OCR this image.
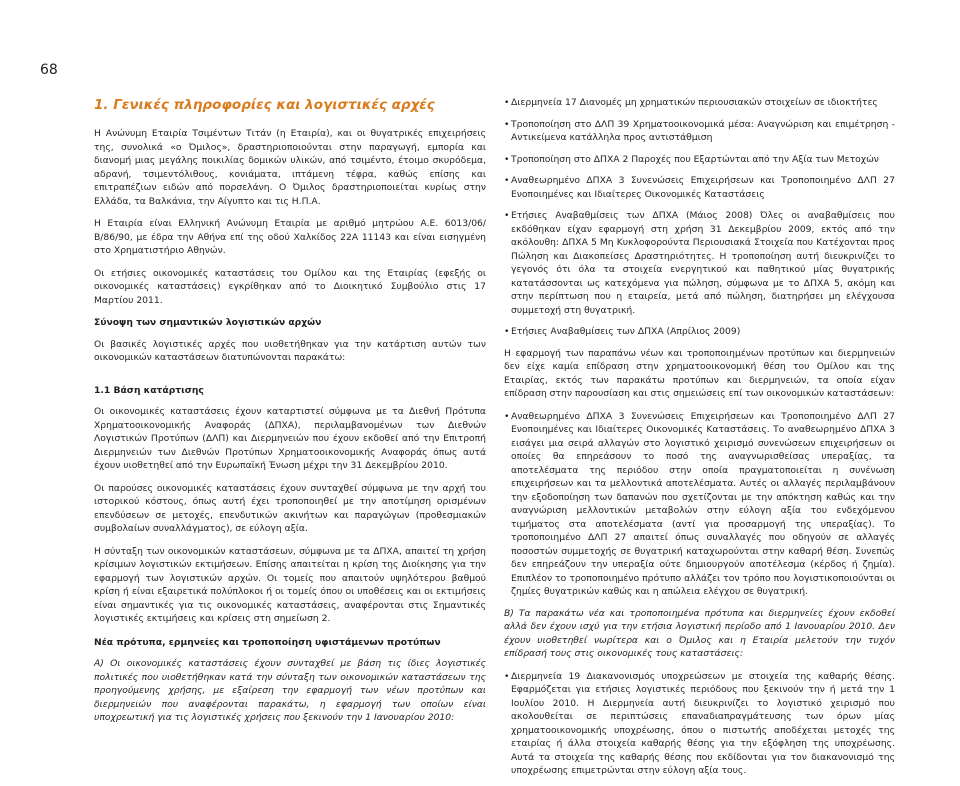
68
1. Γενικές πληροφορίες και λογιστικές αρχές

Η Ανώνυμη Εταιρία Τσιμέντων Τιτάν (η Εταιρία), και οι θυγατρικές επιχειρήσεις της, συνολικά «ο Όμιλος», δραστηριοποιούνται στην παραγωγή, εμπορία και διανομή μιας μεγάλης ποικιλίας δομικών υλικών, από τσιμέντο, έτοιμο σκυρόδεμα, αδρανή, τσιμεντόλιθους, κονιάματα, ιπτάμενη τέφρα, καθώς επίσης και επιτραπέζιων ειδών από πορσελάνη. Ο Όμιλος δραστηριοποιείται κυρίως στην Ελλάδα, τα Βαλκάνια, την Αίγυπτο και τις Η.Π.Α.

Η Εταιρία είναι Ελληνική Ανώνυμη Εταιρία με αριθμό μητρώου Α.Ε. 6013/06/Β/86/90, με έδρα την Αθήνα επί της οδού Χαλκίδος 22Α 11143 και είναι εισηγμένη στο Χρηματιστήριο Αθηνών.

Οι ετήσιες οικονομικές καταστάσεις του Ομίλου και της Εταιρίας (εφεξής οι οικονομικές καταστάσεις) εγκρίθηκαν από το Διοικητικό Συμβούλιο στις 17 Μαρτίου 2011.

Σύνοψη των σημαντικών λογιστικών αρχών

Οι βασικές λογιστικές αρχές που υιοθετήθηκαν για την κατάρτιση αυτών των οικονομικών καταστάσεων διατυπώνονται παρακάτω:

1.1 Βάση κατάρτισης

Οι οικονομικές καταστάσεις έχουν καταρτιστεί σύμφωνα με τα Διεθνή Πρότυπα Χρηματοοικονομικής Αναφοράς (ΔΠΧΑ), περιλαμβανομένων των Διεθνών Λογιστικών Προτύπων (ΔΛΠ) και Διερμηνειών που έχουν εκδοθεί από την Επιτροπή Διερμηνειών των Διεθνών Προτύπων Χρηματοοικονομικής Αναφοράς όπως αυτά έχουν υιοθετηθεί από την Ευρωπαϊκή Ένωση μέχρι την 31 Δεκεμβρίου 2010.

Οι παρούσες οικονομικές καταστάσεις έχουν συνταχθεί σύμφωνα με την αρχή του ιστορικού κόστους, όπως αυτή έχει τροποποιηθεί με την αποτίμηση ορισμένων επενδύσεων σε μετοχές, επενδυτικών ακινήτων και παραγώγων (προθεσμιακών συμβολαίων συναλλάγματος), σε εύλογη αξία.

Η σύνταξη των οικονομικών καταστάσεων, σύμφωνα με τα ΔΠΧΑ, απαιτεί τη χρήση κρίσιμων λογιστικών εκτιμήσεων. Επίσης απαιτείται η κρίση της Διοίκησης για την εφαρμογή των λογιστικών αρχών. Οι τομείς που απαιτούν υψηλότερου βαθμού κρίση ή είναι εξαιρετικά πολύπλοκοι ή οι τομείς όπου οι υποθέσεις και οι εκτιμήσεις είναι σημαντικές για τις οικονομικές καταστάσεις, αναφέρονται στις Σημαντικές λογιστικές εκτιμήσεις και κρίσεις στη σημείωση 2.

Νέα πρότυπα, ερμηνείες και τροποποίηση υφιστάμενων προτύπων

A) Οι οικονομικές καταστάσεις έχουν συνταχθεί με βάση τις ίδιες λογιστικές πολιτικές που υιοθετήθηκαν κατά την σύνταξη των οικονομικών καταστάσεων της προηγούμενης χρήσης, με εξαίρεση την εφαρμογή των νέων προτύπων και διερμηνειών που αναφέρονται παρακάτω, η εφαρμογή των οποίων είναι υποχρεωτική για τις λογιστικές χρήσεις που ξεκινούν την 1 Ιανουαρίου 2010:

• Διερμηνεία 17 Διανομές μη χρηματικών περιουσιακών στοιχείων σε ιδιοκτήτες
• Τροποποίηση στο ΔΛΠ 39 Χρηματοοικονομικά μέσα: Αναγνώριση και επιμέτρηση - Αντικείμενα κατάλληλα προς αντιστάθμιση
• Τροποποίηση στο ΔΠΧΑ 2 Παροχές που Εξαρτώνται από την Αξία των Μετοχών
• Αναθεωρημένο ΔΠΧΑ 3 Συνενώσεις Επιχειρήσεων και Τροποποιημένο ΔΛΠ 27 Ενοποιημένες και Ιδιαίτερες Οικονομικές Καταστάσεις
• Ετήσιες Αναβαθμίσεις των ΔΠΧΑ (Μάιος 2008) Όλες οι αναβαθμίσεις που εκδόθηκαν είχαν εφαρμογή στη χρήση 31 Δεκεμβρίου 2009, εκτός από την ακόλουθη: ΔΠΧΑ 5 Μη Κυκλοφορούντα Περιουσιακά Στοιχεία που Κατέχονται προς Πώληση και Διακοπείσες Δραστηριότητες. Η τροποποίηση αυτή διευκρινίζει το γεγονός ότι όλα τα στοιχεία ενεργητικού και παθητικού μίας θυγατρικής κατατάσσονται ως κατεχόμενα για πώληση, σύμφωνα με το ΔΠΧΑ 5, ακόμη και στην περίπτωση που η εταιρεία, μετά από πώληση, διατηρήσει μη ελέγχουσα συμμετοχή στη θυγατρική.
• Ετήσιες Αναβαθμίσεις των ΔΠΧΑ (Απρίλιος 2009)

Η εφαρμογή των παραπάνω νέων και τροποποιημένων προτύπων και διερμηνειών δεν είχε καμία επίδραση στην χρηματοοικονομική θέση του Ομίλου και της Εταιρίας, εκτός των παρακάτω προτύπων και διερμηνειών, τα οποία είχαν επίδραση στην παρουσίαση και στις σημειώσεις επί των οικονομικών καταστάσεων:

• Αναθεωρημένο ΔΠΧΑ 3 Συνενώσεις Επιχειρήσεων και Τροποποιημένο ΔΛΠ 27 Ενοποιημένες και Ιδιαίτερες Οικονομικές Καταστάσεις. Το αναθεωρημένο ΔΠΧΑ 3 εισάγει μια σειρά αλλαγών στο λογιστικό χειρισμό συνενώσεων επιχειρήσεων οι οποίες θα επηρεάσουν το ποσό της αναγνωρισθείσας υπεραξίας, τα αποτελέσματα της περιόδου στην οποία πραγματοποιείται η συνένωση επιχειρήσεων και τα μελλοντικά αποτελέσματα. Αυτές οι αλλαγές περιλαμβάνουν την εξοδοποίηση των δαπανών που σχετίζονται με την απόκτηση καθώς και την αναγνώριση μελλοντικών μεταβολών στην εύλογη αξία του ενδεχόμενου τιμήματος στα αποτελέσματα (αντί για προσαρμογή της υπεραξίας). Το τροποποιημένο ΔΛΠ 27 απαιτεί όπως συναλλαγές που οδηγούν σε αλλαγές ποσοστών συμμετοχής σε θυγατρική καταχωρούνται στην καθαρή θέση. Συνεπώς δεν επηρεάζουν την υπεραξία ούτε δημιουργούν αποτέλεσμα (κέρδος ή ζημία). Επιπλέον το τροποποιημένο πρότυπο αλλάζει τον τρόπο που λογιστικοποιούνται οι ζημίες θυγατρικών καθώς και η απώλεια ελέγχου σε θυγατρική.

B) Τα παρακάτω νέα και τροποποιημένα πρότυπα και διερμηνείες έχουν εκδοθεί αλλά δεν έχουν ισχύ για την ετήσια λογιστική περίοδο από 1 Ιανουαρίου 2010. Δεν έχουν υιοθετηθεί νωρίτερα και ο Όμιλος και η Εταιρία μελετούν την τυχόν επίδρασή τους στις οικονομικές τους καταστάσεις:

• Διερμηνεία 19 Διακανονισμός υποχρεώσεων με στοιχεία της καθαρής θέσης. Εφαρμόζεται για ετήσιες λογιστικές περιόδους που ξεκινούν την ή μετά την 1 Ιουλίου 2010. Η Διερμηνεία αυτή διευκρινίζει το λογιστικό χειρισμό που ακολουθείται σε περιπτώσεις επαναδιαπραγμάτευσης των όρων μίας χρηματοοικονομικής υποχρέωσης, όπου ο πιστωτής αποδέχεται μετοχές της εταιρίας ή άλλα στοιχεία καθαρής θέσης για την εξόφληση της υποχρέωσης. Αυτά τα στοιχεία της καθαρής θέσης που εκδίδονται για τον διακανονισμό της υποχρέωσης επιμετρώνται στην εύλογη αξία τους.
